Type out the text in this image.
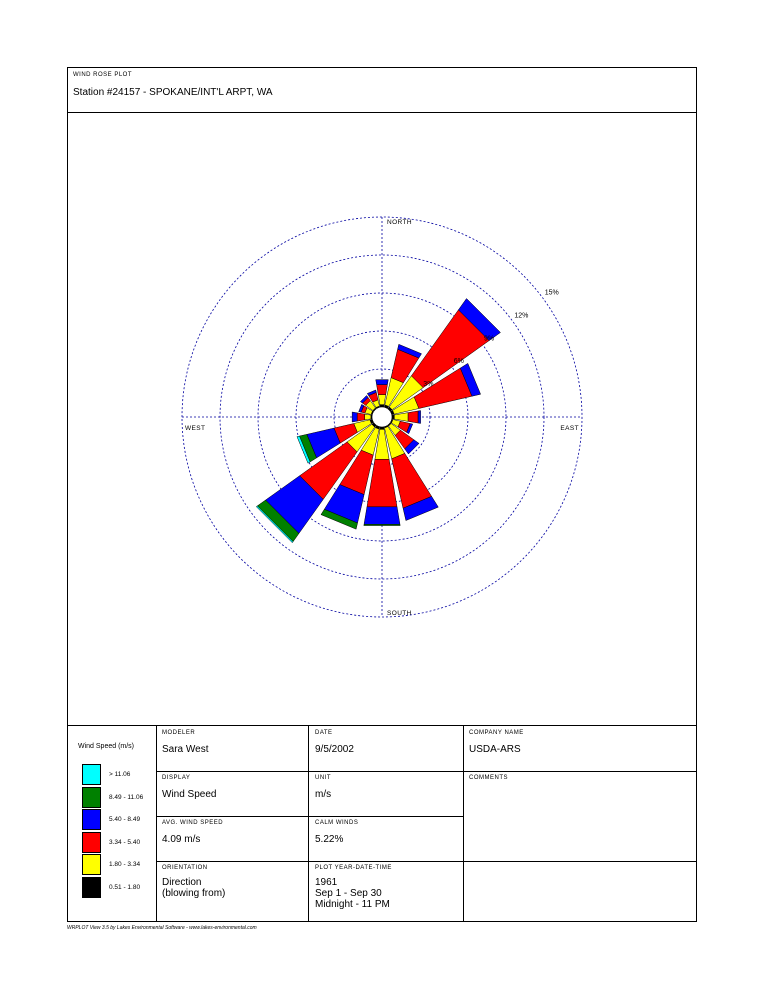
WIND ROSE PLOT
Station #24157 - SPOKANE/INT'L ARPT, WA
NORTH
SOUTH
EAST
WEST
3%
6%
9%
12%
15%
Wind Speed (m/s)
> 11.06
8.49 - 11.06
5.40 - 8.49
3.34 - 5.40
1.80 - 3.34
0.51 - 1.80
MODELER
Sara West
DATE
9/5/2002
COMPANY NAME
USDA-ARS
DISPLAY
Wind Speed
UNIT
m/s
COMMENTS
AVG. WIND SPEED
4.09 m/s
CALM WINDS
5.22%
ORIENTATION
Direction
(blowing from)
PLOT YEAR-DATE-TIME
1961
Sep 1 - Sep 30
Midnight - 11 PM
WRPLOT View 3.5 by Lakes Environmental Software - www.lakes-environmental.com
